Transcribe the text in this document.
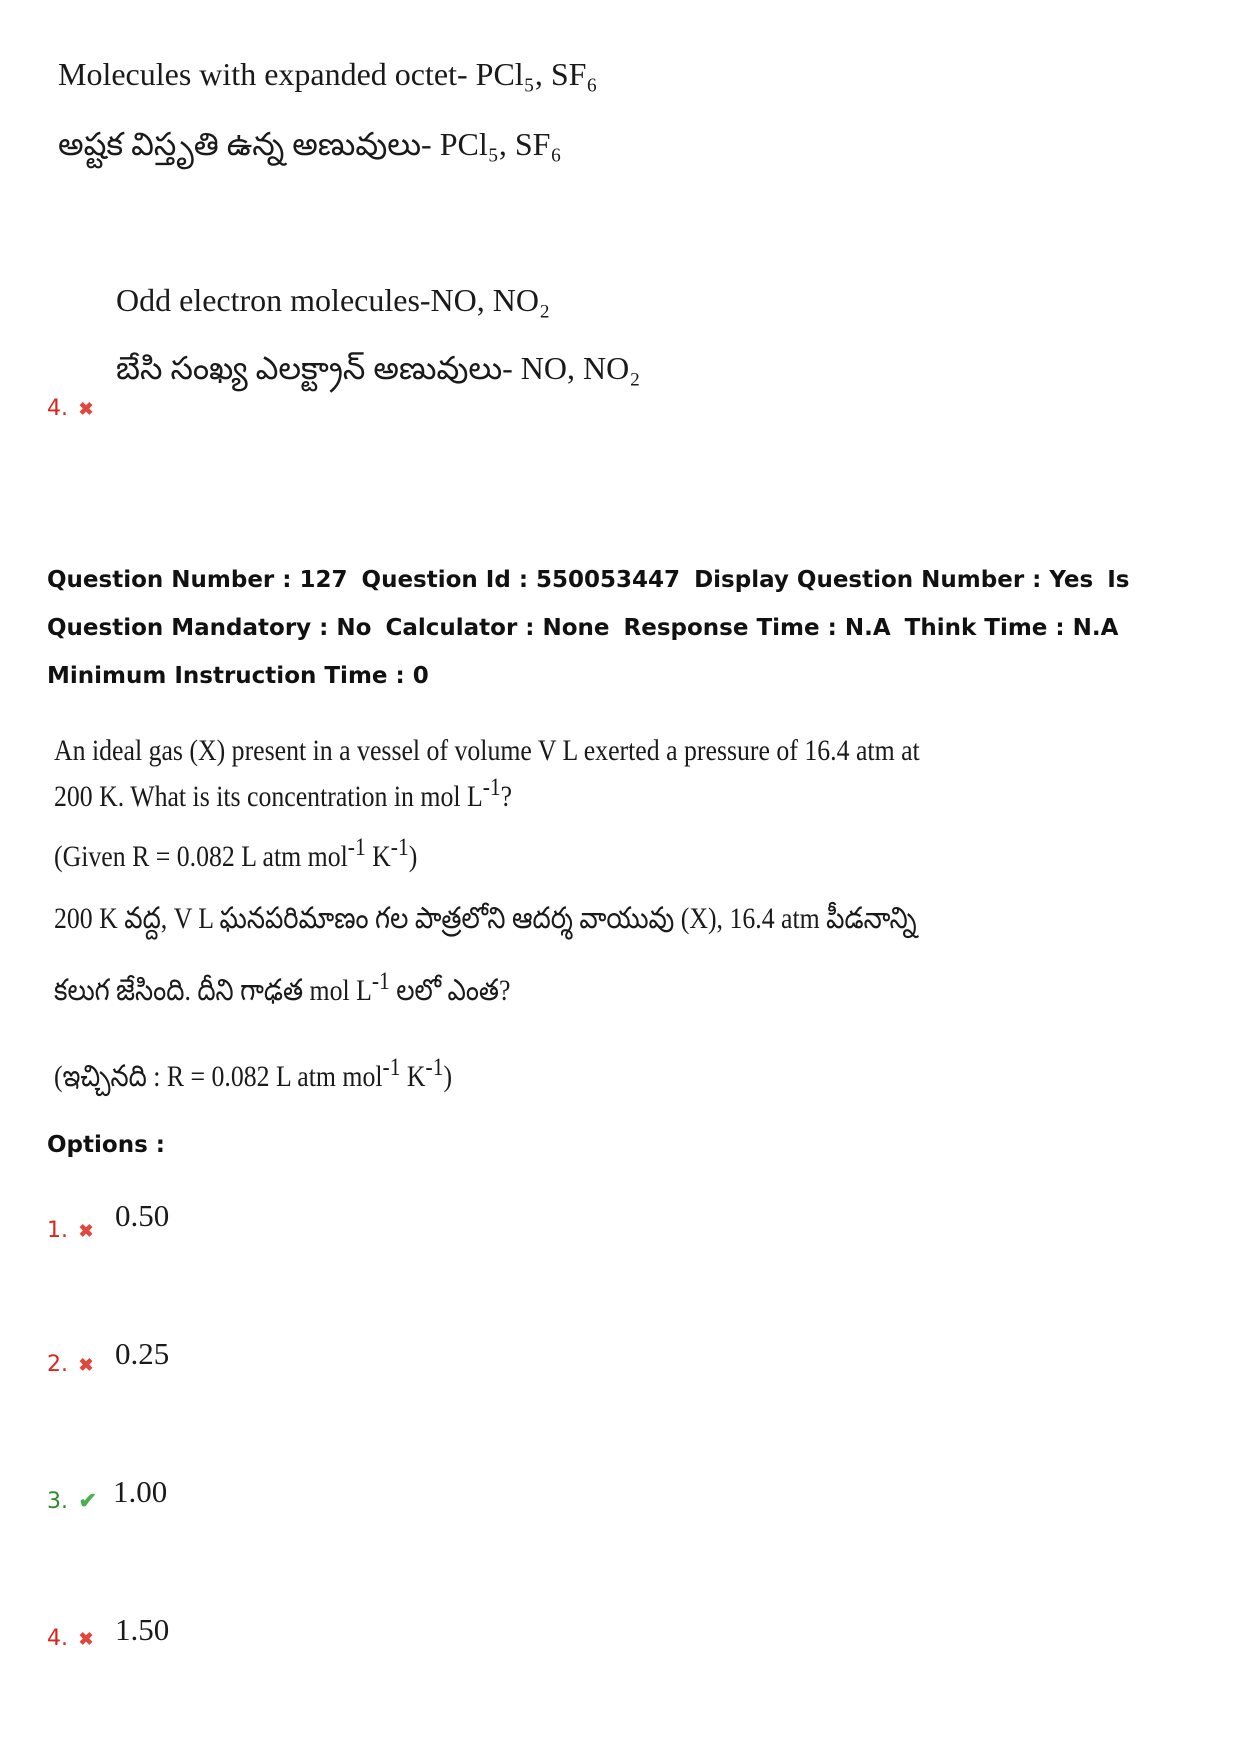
Molecules with expanded octet- PCl₅, SF₆
అష్టక విస్తృతి ఉన్న అణువులు- PCl₅, SF₆
Odd electron molecules-NO, NO₂
బేసి సంఖ్య ఎలక్ట్రాన్ అణువులు- NO, NO₂
4. ✖
Question Number : 127 Question Id : 550053447 Display Question Number : Yes Is Question Mandatory : No Calculator : None Response Time : N.A Think Time : N.A Minimum Instruction Time : 0
An ideal gas (X) present in a vessel of volume V L exerted a pressure of 16.4 atm at
200 K. What is its concentration in mol $L^{-1}$?
(Given R = 0.082 L atm mol$^{-1}$ $K^{-1}$)
200 K వద్ద, V L ఘనపరిమాణం గల పాత్రలోని ఆదర్శ వాయువు (X), 16.4 atm పీడనాన్ని
కలుగ జేసింది. దీని గాఢత mol $L^{-1}$ లలో ఎంత?
(ఇచ్చినది : R = 0.082 L atm mol$^{-1}$ $K^{-1}$)
Options :
1. ✖ 0.50
2. ✖ 0.25
3. ✔ 1.00
4. ✖ 1.50
